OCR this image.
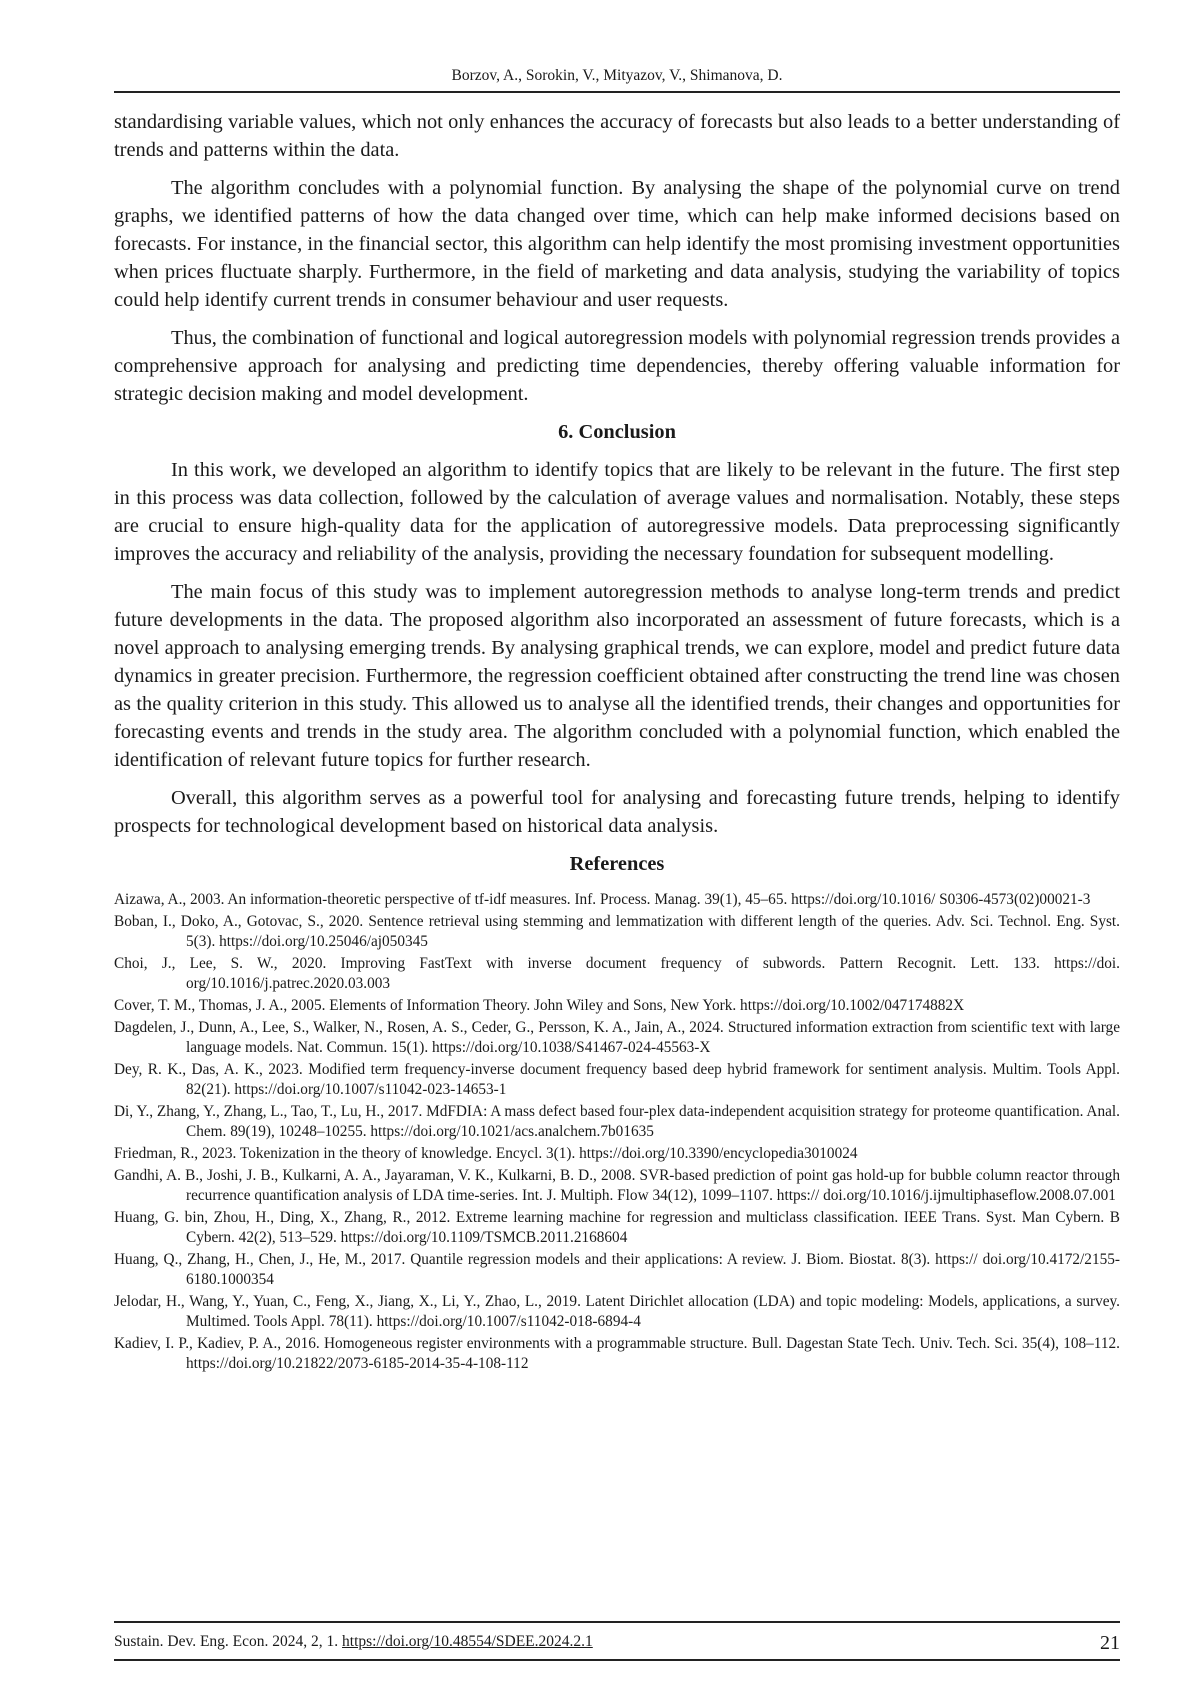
Borzov, A., Sorokin, V., Mityazov, V., Shimanova, D.

standardising variable values, which not only enhances the accuracy of forecasts but also leads to a better understanding of trends and patterns within the data.

The algorithm concludes with a polynomial function. By analysing the shape of the polynomial curve on trend graphs, we identified patterns of how the data changed over time, which can help make informed decisions based on forecasts. For instance, in the financial sector, this algorithm can help identify the most promising investment opportunities when prices fluctuate sharply. Furthermore, in the field of marketing and data analysis, studying the variability of topics could help identify current trends in consumer behaviour and user requests.

Thus, the combination of functional and logical autoregression models with polynomial regression trends provides a comprehensive approach for analysing and predicting time dependencies, thereby offering valuable information for strategic decision making and model development.

6. Conclusion

In this work, we developed an algorithm to identify topics that are likely to be relevant in the future. The first step in this process was data collection, followed by the calculation of average values and normalisation. Notably, these steps are crucial to ensure high-quality data for the application of autoregressive models. Data preprocessing significantly improves the accuracy and reliability of the analysis, providing the necessary foundation for subsequent modelling.

The main focus of this study was to implement autoregression methods to analyse long-term trends and predict future developments in the data. The proposed algorithm also incorporated an assessment of future forecasts, which is a novel approach to analysing emerging trends. By analysing graphical trends, we can explore, model and predict future data dynamics in greater precision. Furthermore, the regression coefficient obtained after constructing the trend line was chosen as the quality criterion in this study. This allowed us to analyse all the identified trends, their changes and opportunities for forecasting events and trends in the study area. The algorithm concluded with a polynomial function, which enabled the identification of relevant future topics for further research.

Overall, this algorithm serves as a powerful tool for analysing and forecasting future trends, helping to identify prospects for technological development based on historical data analysis.

References
Aizawa, A., 2003. An information-theoretic perspective of tf-idf measures. Inf. Process. Manag. 39(1), 45–65. https://doi.org/10.1016/ S0306-4573(02)00021-3
Boban, I., Doko, A., Gotovac, S., 2020. Sentence retrieval using stemming and lemmatization with different length of the queries. Adv. Sci. Technol. Eng. Syst. 5(3). https://doi.org/10.25046/aj050345
Choi, J., Lee, S. W., 2020. Improving FastText with inverse document frequency of subwords. Pattern Recognit. Lett. 133. https://doi. org/10.1016/j.patrec.2020.03.003
Cover, T. M., Thomas, J. A., 2005. Elements of Information Theory. John Wiley and Sons, New York. https://doi.org/10.1002/047174882X
Dagdelen, J., Dunn, A., Lee, S., Walker, N., Rosen, A. S., Ceder, G., Persson, K. A., Jain, A., 2024. Structured information extraction from scientific text with large language models. Nat. Commun. 15(1). https://doi.org/10.1038/S41467-024-45563-X
Dey, R. K., Das, A. K., 2023. Modified term frequency-inverse document frequency based deep hybrid framework for sentiment analysis. Multim. Tools Appl. 82(21). https://doi.org/10.1007/s11042-023-14653-1
Di, Y., Zhang, Y., Zhang, L., Tao, T., Lu, H., 2017. MdFDIA: A mass defect based four-plex data-independent acquisition strategy for proteome quantification. Anal. Chem. 89(19), 10248–10255. https://doi.org/10.1021/acs.analchem.7b01635
Friedman, R., 2023. Tokenization in the theory of knowledge. Encycl. 3(1). https://doi.org/10.3390/encyclopedia3010024
Gandhi, A. B., Joshi, J. B., Kulkarni, A. A., Jayaraman, V. K., Kulkarni, B. D., 2008. SVR-based prediction of point gas hold-up for bubble column reactor through recurrence quantification analysis of LDA time-series. Int. J. Multiph. Flow 34(12), 1099–1107. https:// doi.org/10.1016/j.ijmultiphaseflow.2008.07.001
Huang, G. bin, Zhou, H., Ding, X., Zhang, R., 2012. Extreme learning machine for regression and multiclass classification. IEEE Trans. Syst. Man Cybern. B Cybern. 42(2), 513–529. https://doi.org/10.1109/TSMCB.2011.2168604
Huang, Q., Zhang, H., Chen, J., He, M., 2017. Quantile regression models and their applications: A review. J. Biom. Biostat. 8(3). https:// doi.org/10.4172/2155-6180.1000354
Jelodar, H., Wang, Y., Yuan, C., Feng, X., Jiang, X., Li, Y., Zhao, L., 2019. Latent Dirichlet allocation (LDA) and topic modeling: Models, applications, a survey. Multimed. Tools Appl. 78(11). https://doi.org/10.1007/s11042-018-6894-4
Kadiev, I. P., Kadiev, P. A., 2016. Homogeneous register environments with a programmable structure. Bull. Dagestan State Tech. Univ. Tech. Sci. 35(4), 108–112. https://doi.org/10.21822/2073-6185-2014-35-4-108-112
Sustain. Dev. Eng. Econ. 2024, 2, 1. https://doi.org/10.48554/SDEE.2024.2.1	21
